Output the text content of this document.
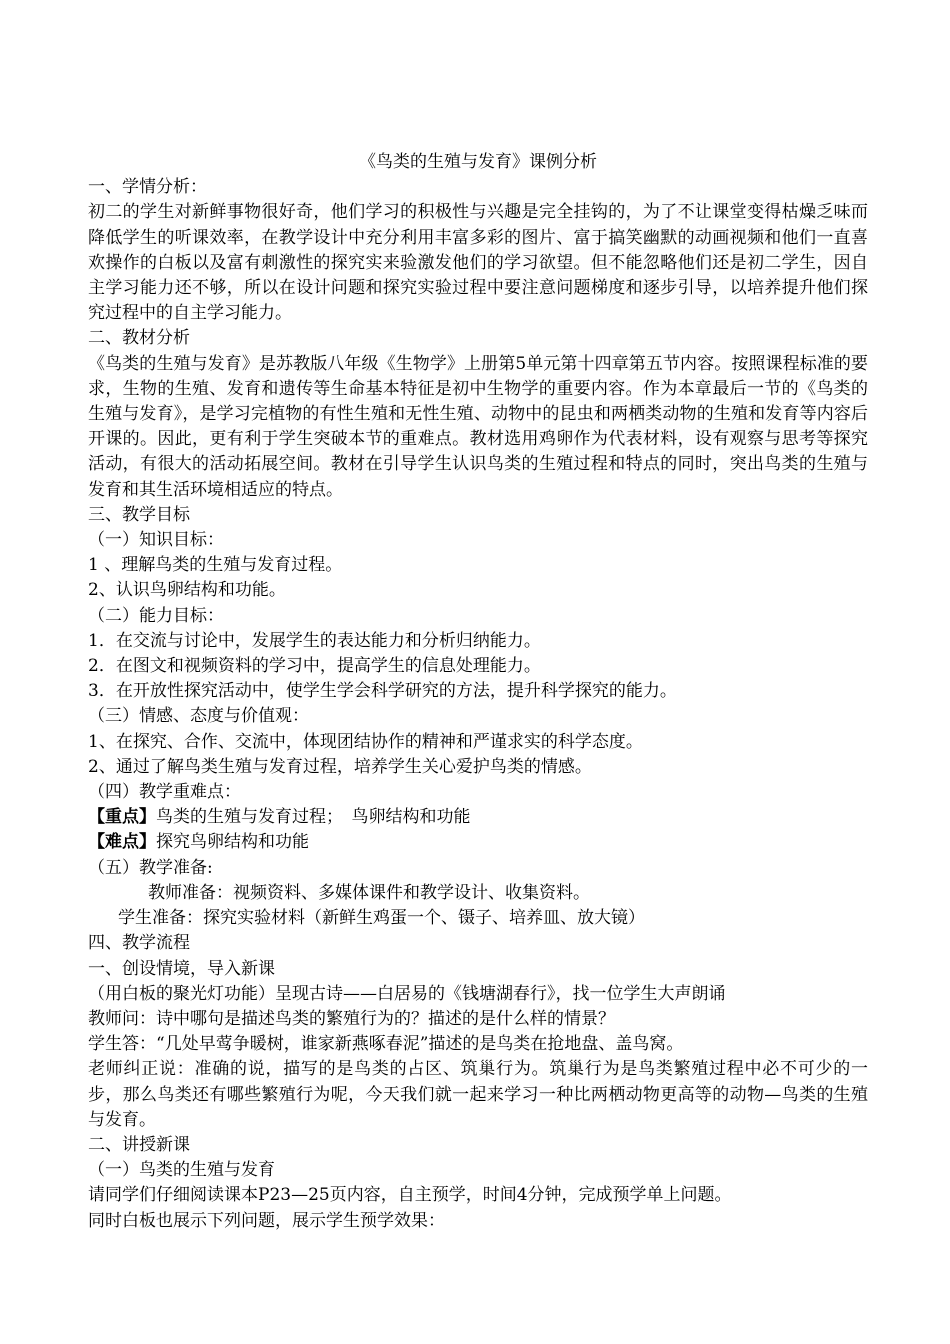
《鸟类的生殖与发育》课例分析
一、学情分析：
初二的学生对新鲜事物很好奇，他们学习的积极性与兴趣是完全挂钩的，为了不让课堂变得枯燥乏味而降低学生的听课效率，在教学设计中充分利用丰富多彩的图片、富于搞笑幽默的动画视频和他们一直喜欢操作的白板以及富有刺激性的探究实来验激发他们的学习欲望。但不能忽略他们还是初二学生，因自主学习能力还不够，所以在设计问题和探究实验过程中要注意问题梯度和逐步引导，以培养提升他们探究过程中的自主学习能力。
二、教材分析
《鸟类的生殖与发育》是苏教版八年级《生物学》上册第5单元第十四章第五节内容。按照课程标准的要求，生物的生殖、发育和遗传等生命基本特征是初中生物学的重要内容。作为本章最后一节的《鸟类的生殖与发育》，是学习完植物的有性生殖和无性生殖、动物中的昆虫和两栖类动物的生殖和发育等内容后开课的。因此，更有利于学生突破本节的重难点。教材选用鸡卵作为代表材料，设有观察与思考等探究活动，有很大的活动拓展空间。教材在引导学生认识鸟类的生殖过程和特点的同时，突出鸟类的生殖与发育和其生活环境相适应的特点。
三、教学目标
（一）知识目标：
1 、理解鸟类的生殖与发育过程。
2、认识鸟卵结构和功能。
（二）能力目标：
1．在交流与讨论中，发展学生的表达能力和分析归纳能力。
2．在图文和视频资料的学习中，提高学生的信息处理能力。
3．在开放性探究活动中，使学生学会科学研究的方法，提升科学探究的能力。
（三）情感、态度与价值观：
1、在探究、合作、交流中，体现团结协作的精神和严谨求实的科学态度。
2、通过了解鸟类生殖与发育过程，培养学生关心爱护鸟类的情感。
（四）教学重难点：
【重点】鸟类的生殖与发育过程；　鸟卵结构和功能
【难点】探究鸟卵结构和功能
（五）教学准备:
教师准备：视频资料、多媒体课件和教学设计、收集资料。
学生准备：探究实验材料（新鲜生鸡蛋一个、镊子、培养皿、放大镜）
四、教学流程
一、创设情境，导入新课
（用白板的聚光灯功能）呈现古诗——白居易的《钱塘湖春行》，找一位学生大声朗诵
教师问：诗中哪句是描述鸟类的繁殖行为的？描述的是什么样的情景？
学生答：“几处早莺争暖树，谁家新燕啄春泥”描述的是鸟类在抢地盘、盖鸟窝。
老师纠正说：准确的说，描写的是鸟类的占区、筑巢行为。筑巢行为是鸟类繁殖过程中必不可少的一步，那么鸟类还有哪些繁殖行为呢，今天我们就一起来学习一种比两栖动物更高等的动物—鸟类的生殖与发育。
二、讲授新课
（一）鸟类的生殖与发育
请同学们仔细阅读课本P23—25页内容，自主预学，时间4分钟，完成预学单上问题。
同时白板也展示下列问题，展示学生预学效果：
